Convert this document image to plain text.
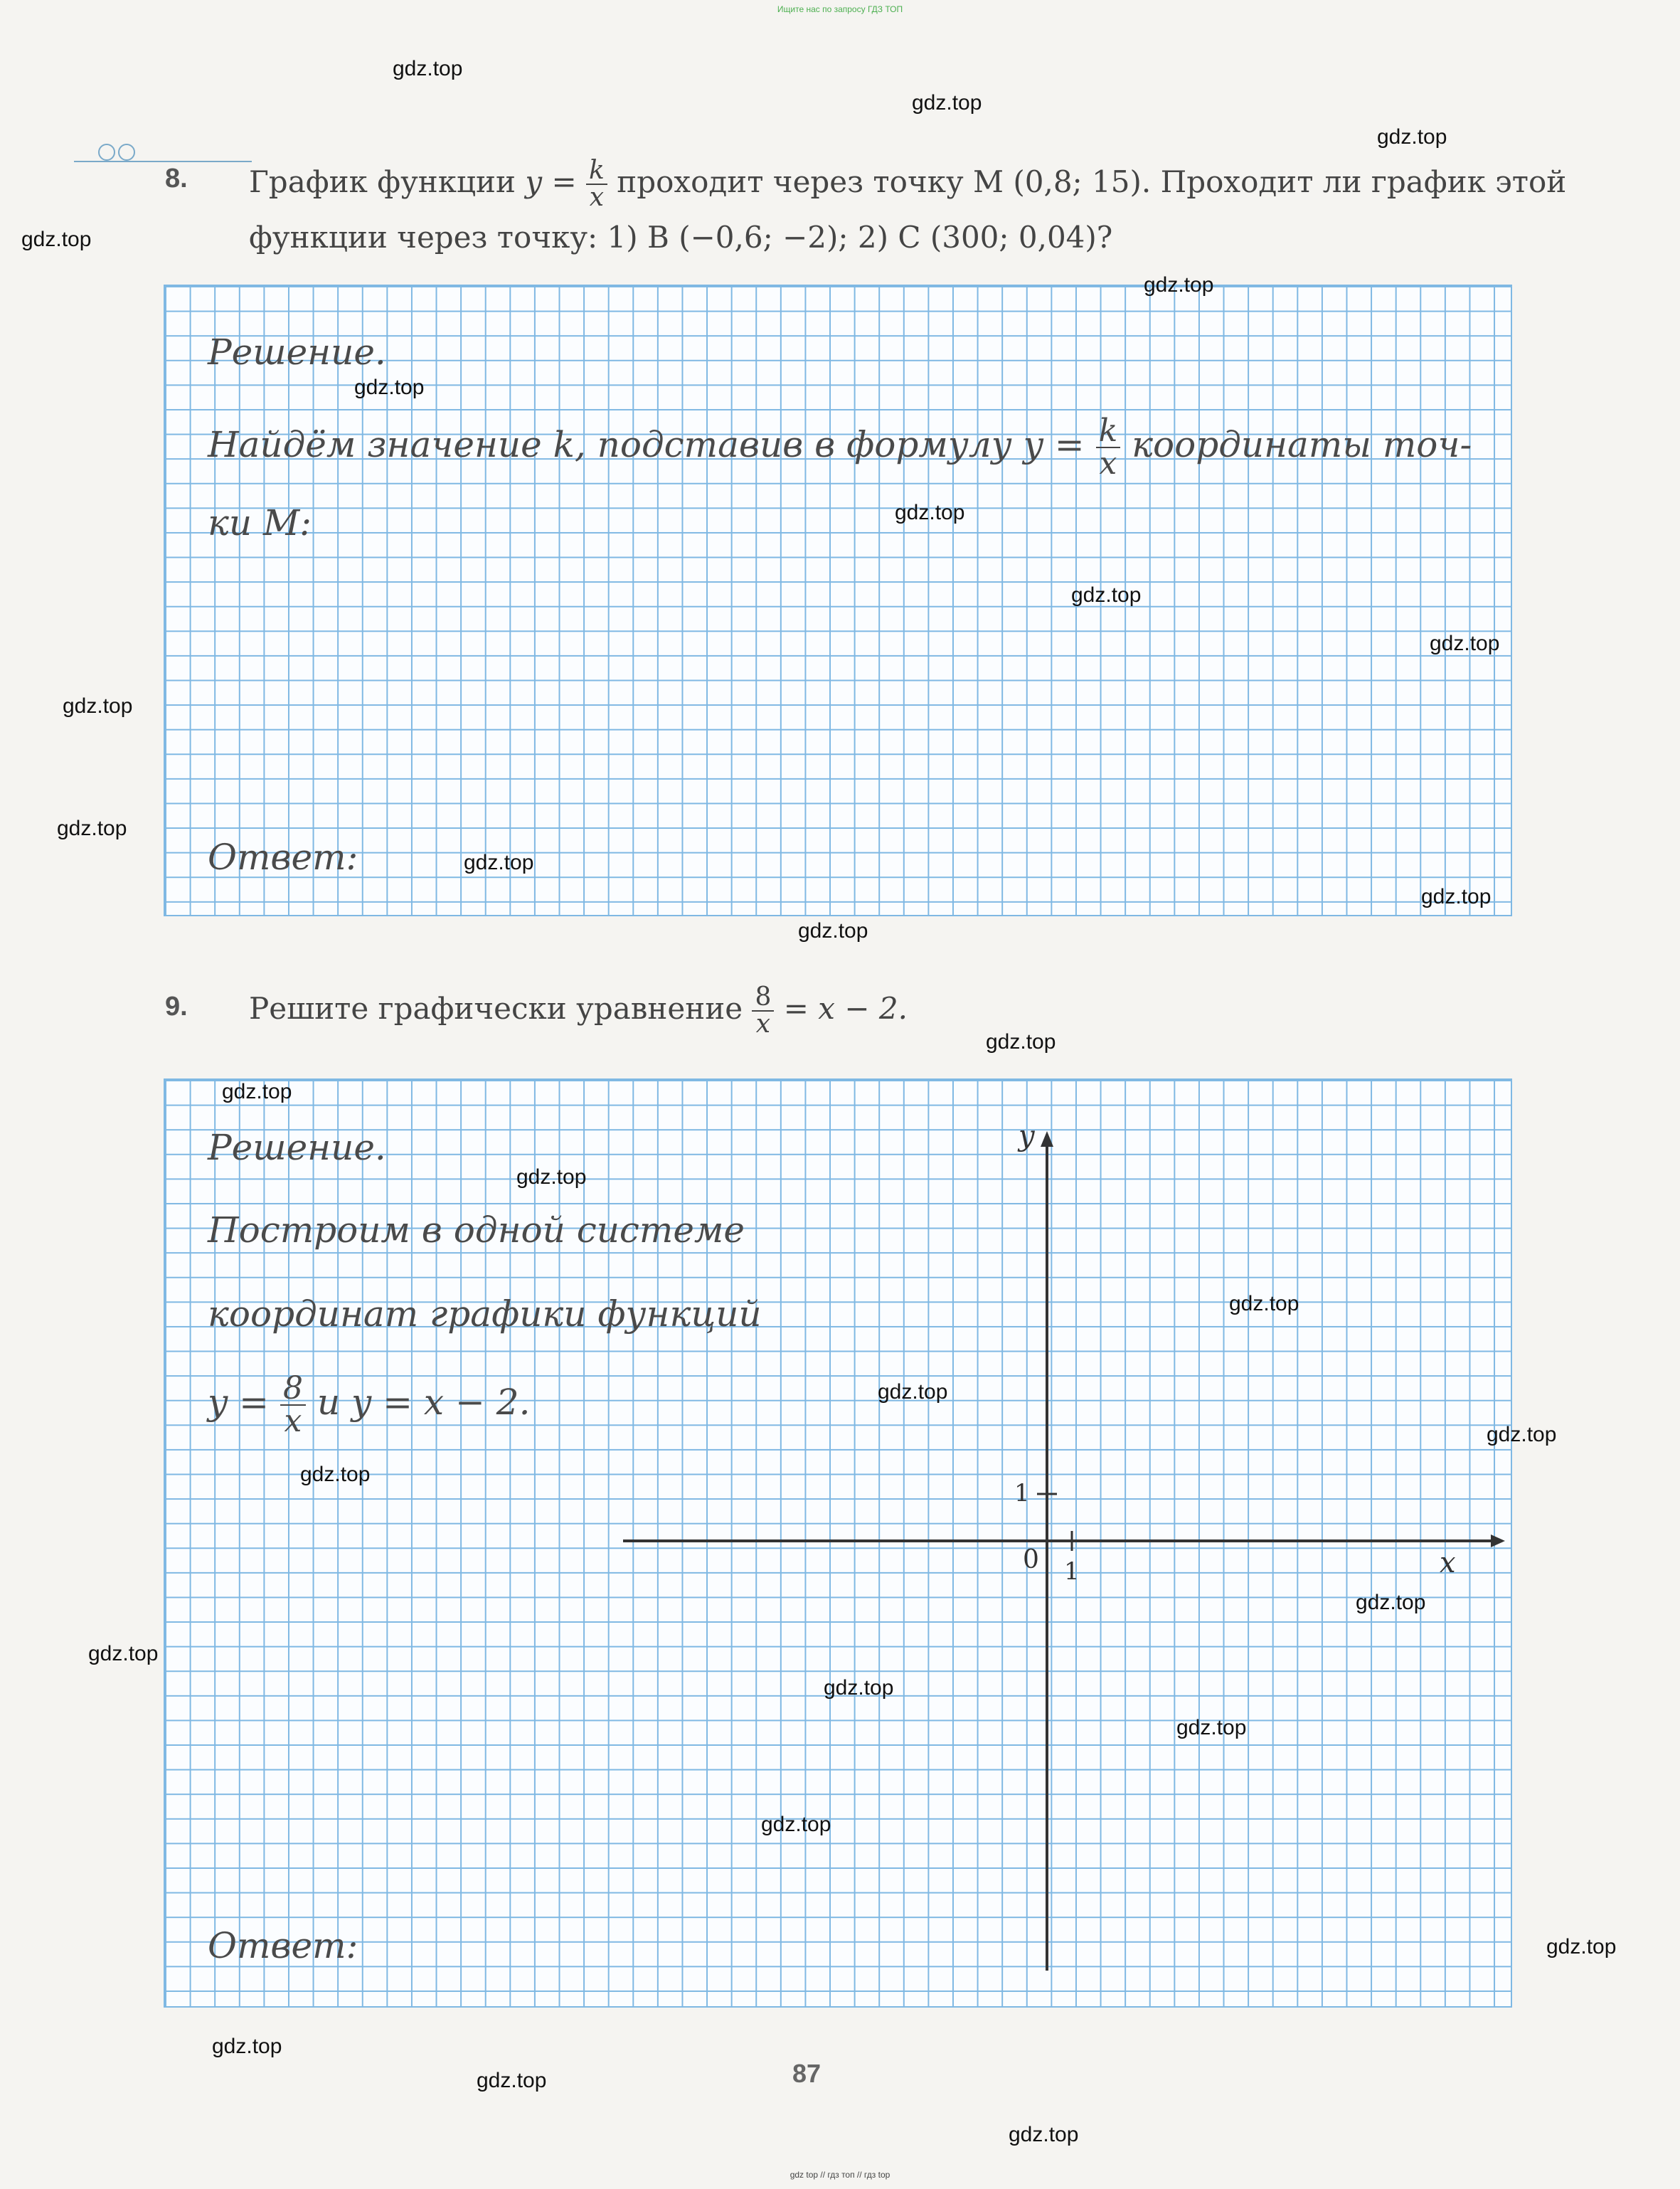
Ищите нас по запросу ГДЗ ТОП
8. График функции $y = \frac{k}{x}$ проходит через точку M (0,8; 15). Проходит ли график этой
функции через точку: 1) B (−0,6; −2); 2) C (300; 0,04)?
Решение.
Найдём значение k, подставив в формулу $y = \frac{k}{x}$ координаты точ-
ки M:
Ответ:
9. Решите графически уравнение $\frac{8}{x} = x - 2$.
Решение.
Построим в одной системе
координат графики функций
$y = \frac{8}{x}$ и y = x − 2.
Ответ:
x
y
0 1
1
87
gdz.top
gdz.top
gdz.top
gdz.top
gdz.top
gdz.top
gdz.top
gdz.top
gdz.top
gdz.top
gdz.top
gdz.top
gdz.top
gdz.top
gdz.top
gdz.top
gdz.top
gdz.top
gdz.top
gdz.top
gdz.top
gdz.top
gdz.top
gdz.top
gdz.top
gdz.top
gdz.top
gdz.top
gdz.top
gdz.top
gdz top // гдз топ // гдз top
